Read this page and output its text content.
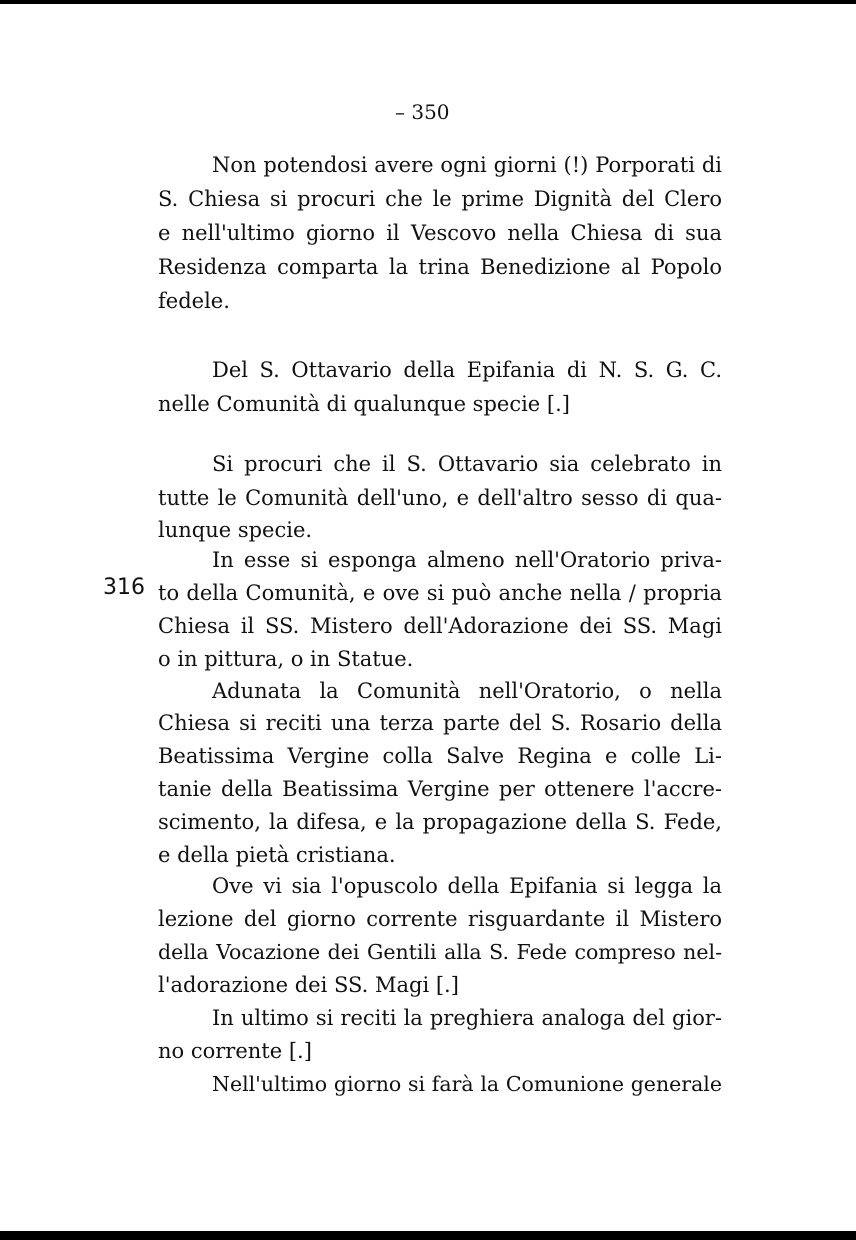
– 350
Non potendosi avere ogni giorni (!) Porporati di
S. Chiesa si procuri che le prime Dignità del Clero
e nell'ultimo giorno il Vescovo nella Chiesa di sua
Residenza comparta la trina Benedizione al Popolo
fedele.
Del S. Ottavario della Epifania di N. S. G. C.
nelle Comunità di qualunque specie [.]
Si procuri che il S. Ottavario sia celebrato in
tutte le Comunità dell'uno, e dell'altro sesso di qua-
lunque specie.
In esse si esponga almeno nell'Oratorio priva-
to della Comunità, e ove si può anche nella / propria
Chiesa il SS. Mistero dell'Adorazione dei SS. Magi
o in pittura, o in Statue.
Adunata la Comunità nell'Oratorio, o nella
Chiesa si reciti una terza parte del S. Rosario della
Beatissima Vergine colla Salve Regina e colle Li-
tanie della Beatissima Vergine per ottenere l'accre-
scimento, la difesa, e la propagazione della S. Fede,
e della pietà cristiana.
Ove vi sia l'opuscolo della Epifania si legga la
lezione del giorno corrente risguardante il Mistero
della Vocazione dei Gentili alla S. Fede compreso nel-
l'adorazione dei SS. Magi [.]
In ultimo si reciti la preghiera analoga del gior-
no corrente [.]
Nell'ultimo giorno si farà la Comunione generale
316
